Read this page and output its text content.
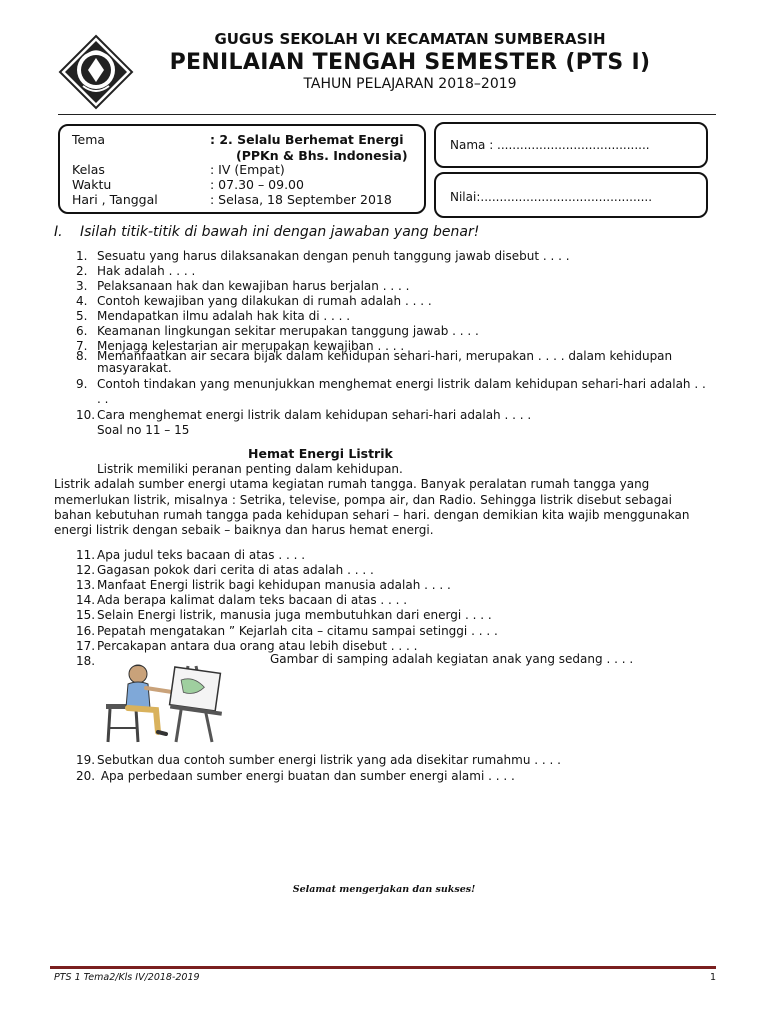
GUGUS SEKOLAH VI KECAMATAN SUMBERASIH
PENILAIAN TENGAH SEMESTER (PTS I)
TAHUN PELAJARAN 2018–2019
Tema	: 2. Selalu Berhemat Energi
(PPKn & Bhs. Indonesia)
Kelas	: IV (Empat)
Waktu	: 07.30 – 09.00
Hari , Tanggal	: Selasa, 18 September 2018
Nama : ........................................
Nilai:.............................................
I. Isilah titik-titik di bawah ini dengan jawaban yang benar!
1. Sesuatu yang harus dilaksanakan dengan penuh tanggung jawab disebut . . . .
2. Hak adalah . . . .
3. Pelaksanaan hak dan kewajiban harus berjalan . . . .
4. Contoh kewajiban yang dilakukan di rumah adalah . . . .
5. Mendapatkan ilmu adalah hak kita di . . . .
6. Keamanan lingkungan sekitar merupakan tanggung jawab . . . .
7. Menjaga kelestarian air merupakan kewajiban . . . .
8. Memanfaatkan air secara bijak dalam kehidupan sehari-hari, merupakan . . . . dalam kehidupan
9. Contoh tindakan yang menunjukkan menghemat energi listrik dalam kehidupan sehari-hari adalah . .
10. Cara menghemat energi listrik dalam kehidupan sehari-hari adalah . . . .
masyarakat.
. .
Soal no 11 – 15
Hemat Energi Listrik
Listrik memiliki peranan penting dalam kehidupan.
Listrik adalah sumber energi utama kegiatan rumah tangga. Banyak peralatan rumah tangga yang
memerlukan listrik, misalnya : Setrika, televise, pompa air, dan Radio. Sehingga listrik disebut sebagai
bahan kebutuhan rumah tangga pada kehidupan sehari – hari. dengan demikian kita wajib menggunakan
energi listrik dengan sebaik – baiknya dan harus hemat energi.
11. Apa judul teks bacaan di atas . . . .
12. Gagasan pokok dari cerita di atas adalah . . . .
13. Manfaat Energi listrik bagi kehidupan manusia adalah . . . .
14. Ada berapa kalimat dalam teks bacaan di atas . . . .
15. Selain Energi listrik, manusia juga membutuhkan dari energi . . . .
16. Pepatah mengatakan ” Kejarlah cita – citamu sampai setinggi . . . .
17. Percakapan antara dua orang atau lebih disebut . . . .
18.	Gambar di samping adalah kegiatan anak yang sedang . . . .
19. Sebutkan dua contoh sumber energi listrik yang ada disekitar rumahmu . . . .
20. Apa perbedaan sumber energi buatan dan sumber energi alami . . . .
Selamat mengerjakan dan sukses!
PTS 1 Tema2/Kls IV/2018-2019	1
